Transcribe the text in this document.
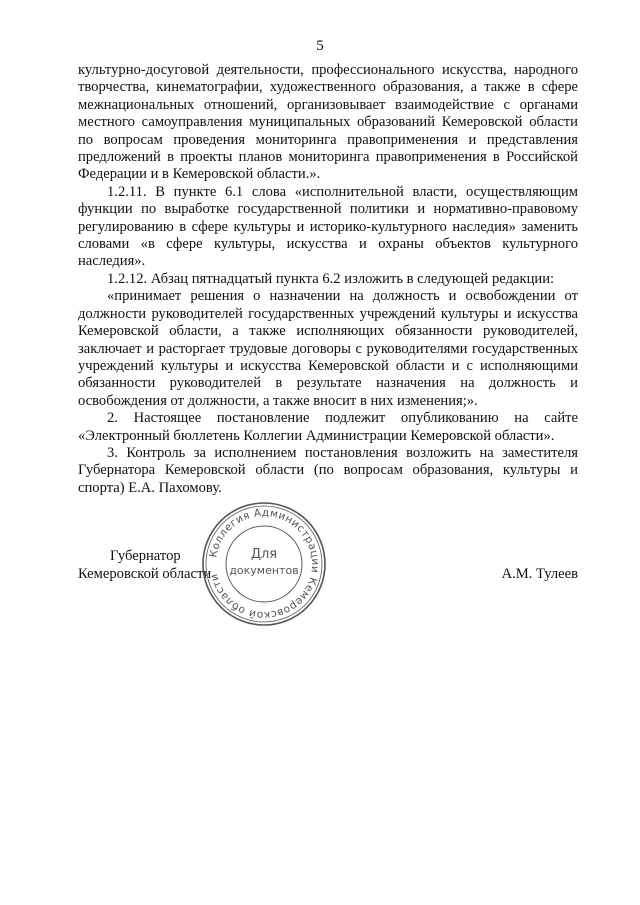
5

культурно-досуговой деятельности, профессионального искусства, народного творчества, кинематографии, художественного образования, а также в сфере межнациональных отношений, организовывает взаимодействие с органами местного самоуправления муниципальных образований Кемеровской области по вопросам проведения мониторинга правоприменения и представления предложений в проекты планов мониторинга правоприменения в Российской Федерации и в Кемеровской области.».

1.2.11. В пункте 6.1 слова «исполнительной власти, осуществляющим функции по выработке государственной политики и нормативно-правовому регулированию в сфере культуры и историко-культурного наследия» заменить словами «в сфере культуры, искусства и охраны объектов культурного наследия».

1.2.12. Абзац пятнадцатый пункта 6.2 изложить в следующей редакции:

«принимает решения о назначении на должность и освобождении от должности руководителей государственных учреждений культуры и искусства Кемеровской области, а также исполняющих обязанности руководителей, заключает и расторгает трудовые договоры с руководителями государственных учреждений культуры и искусства Кемеровской области и с исполняющими обязанности руководителей в результате назначения на должность и освобождения от должности, а также вносит в них изменения;».

2. Настоящее постановление подлежит опубликованию на сайте «Электронный бюллетень Коллегии Администрации Кемеровской области».

3. Контроль за исполнением постановления возложить на заместителя Губернатора Кемеровской области (по вопросам образования, культуры и спорта) Е.А. Пахомову.

Губернатор
Кемеровской области	А.М. Тулеев
Коллегия Администрации Кемеровской области
Для
документов
